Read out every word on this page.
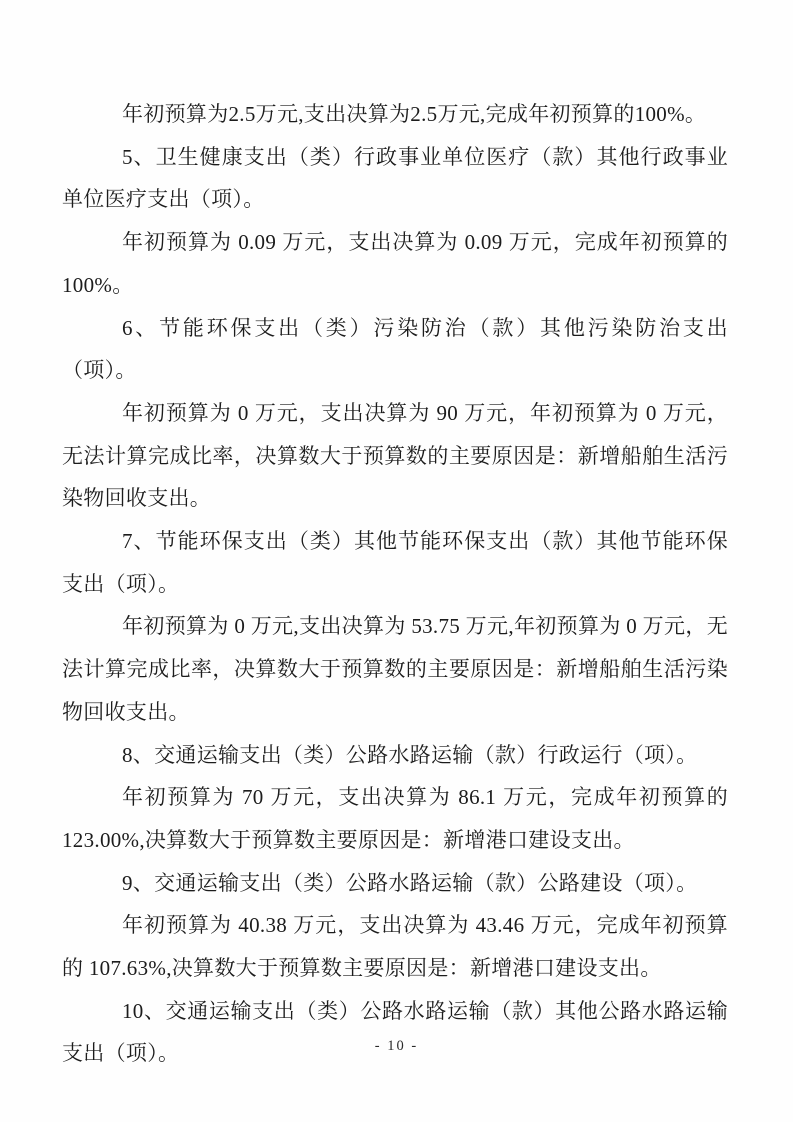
年初预算为2.5万元,支出决算为2.5万元,完成年初预算的100%。

5、卫生健康支出（类）行政事业单位医疗（款）其他行政事业单位医疗支出（项）。

年初预算为 0.09 万元，支出决算为 0.09 万元，完成年初预算的100%。

6、节能环保支出（类）污染防治（款）其他污染防治支出（项）。

年初预算为 0 万元，支出决算为 90 万元，年初预算为 0 万元，无法计算完成比率，决算数大于预算数的主要原因是：新增船舶生活污染物回收支出。

7、节能环保支出（类）其他节能环保支出（款）其他节能环保支出（项）。

年初预算为 0 万元,支出决算为 53.75 万元,年初预算为 0 万元，无法计算完成比率，决算数大于预算数的主要原因是：新增船舶生活污染物回收支出。

8、交通运输支出（类）公路水路运输（款）行政运行（项）。

年初预算为 70 万元，支出决算为 86.1 万元，完成年初预算的123.00%,决算数大于预算数主要原因是：新增港口建设支出。

9、交通运输支出（类）公路水路运输（款）公路建设（项）。

年初预算为 40.38 万元，支出决算为 43.46 万元，完成年初预算的 107.63%,决算数大于预算数主要原因是：新增港口建设支出。

10、交通运输支出（类）公路水路运输（款）其他公路水路运输支出（项）。	- 10 -
